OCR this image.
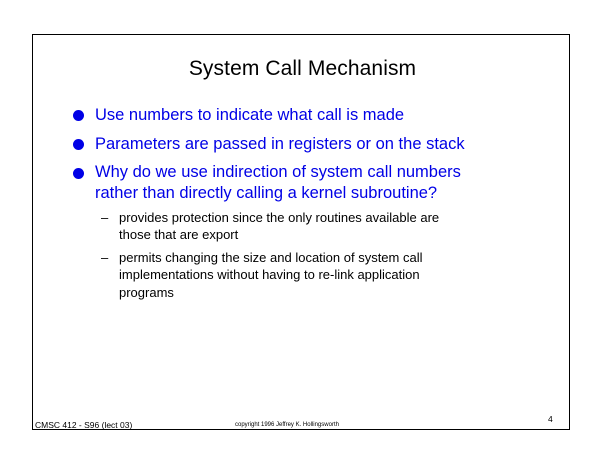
System Call Mechanism
Use numbers to indicate what call is made
Parameters are passed in registers or on the stack
Why do we use indirection of system call numbers
rather than directly calling a kernel subroutine?
– provides protection since the only routines available are
those that are export
– permits changing the size and location of system call
implementations without having to re-link application
programs
CMSC 412 - S96 (lect 03)	copyright 1996 Jeffrey K. Hollingsworth
4
